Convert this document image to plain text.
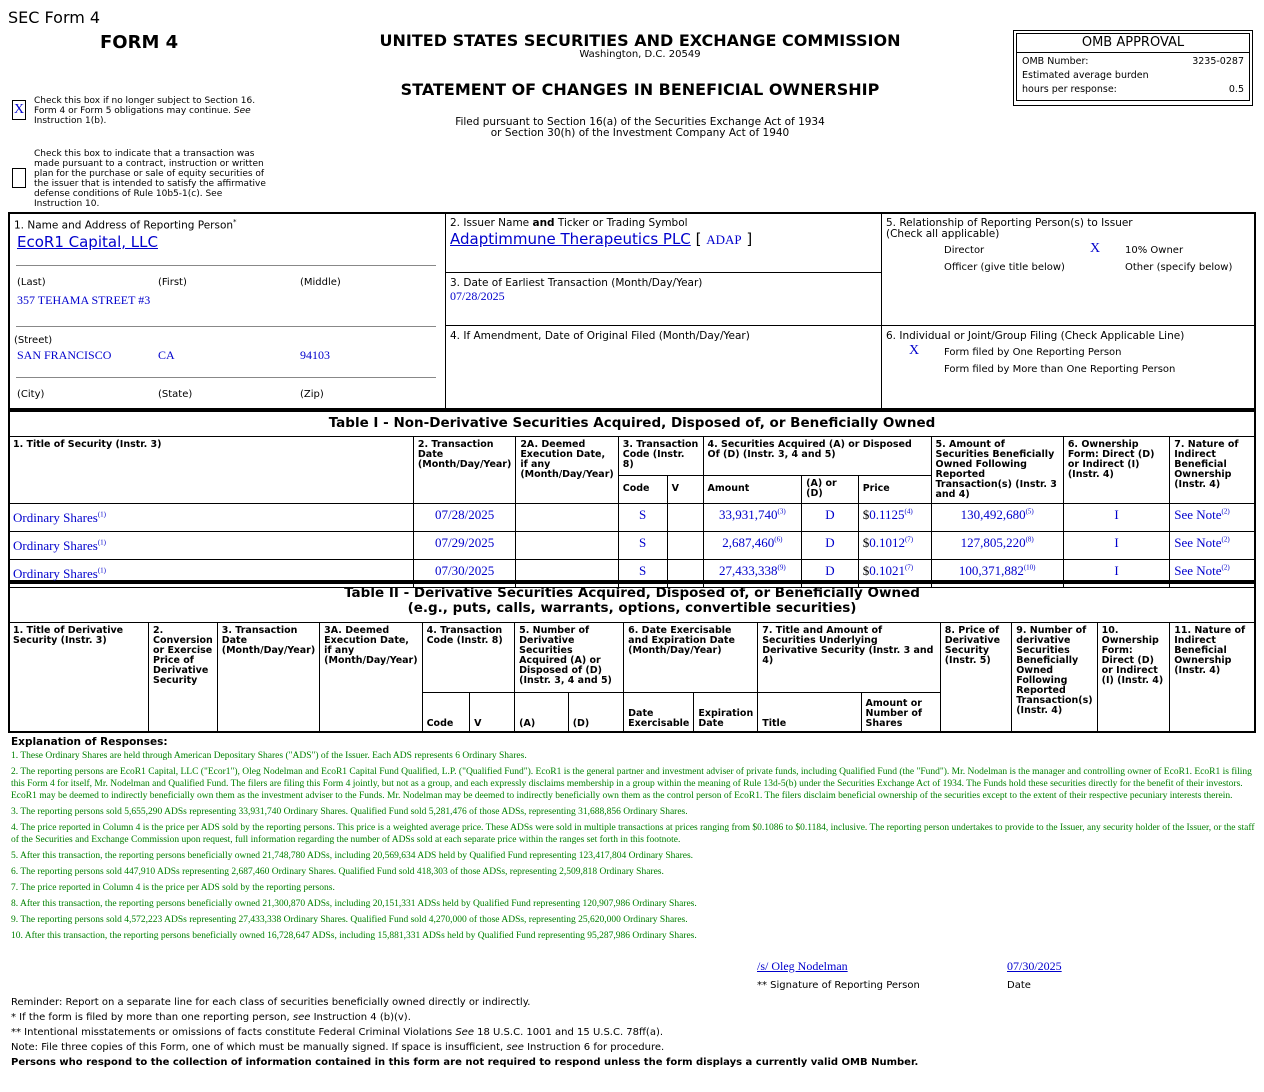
SEC Form 4
FORM 4	UNITED STATES SECURITIES AND EXCHANGE COMMISSION
Washington, D.C. 20549
STATEMENT OF CHANGES IN BENEFICIAL OWNERSHIP
Filed pursuant to Section 16(a) of the Securities Exchange Act of 1934
or Section 30(h) of the Investment Company Act of 1940
OMB APPROVAL
OMB Number:	3235-0287
Estimated average burden
hours per response:	0.5
X
Check this box if no longer subject to Section 16. Form 4 or Form 5 obligations may continue. See Instruction 1(b).
Check this box to indicate that a transaction was made pursuant to a contract, instruction or written plan for the purchase or sale of equity securities of the issuer that is intended to satisfy the affirmative defense conditions of Rule 10b5-1(c). See Instruction 10.
1. Name and Address of Reporting Person*
EcoR1 Capital, LLC
(Last)	(First)	(Middle)
357 TEHAMA STREET #3
(Street)
SAN FRANCISCO	CA	94103
(City)	(State)	(Zip)
2. Issuer Name and Ticker or Trading Symbol
Adaptimmune Therapeutics PLC [ ADAP ]
3. Date of Earliest Transaction (Month/Day/Year)
07/28/2025
4. If Amendment, Date of Original Filed (Month/Day/Year)
5. Relationship of Reporting Person(s) to Issuer
(Check all applicable)
Director	X 10% Owner
Officer (give title below)	Other (specify below)
6. Individual or Joint/Group Filing (Check Applicable Line)
X Form filed by One Reporting Person
Form filed by More than One Reporting Person
Table I - Non-Derivative Securities Acquired, Disposed of, or Beneficially Owned
1. Title of Security (Instr. 3)	2. Transaction Date (Month/Day/Year)	2A. Deemed Execution Date, if any (Month/Day/Year)	3. Transaction Code (Instr. 8)		4. Securities Acquired (A) or Disposed Of (D) (Instr. 3, 4 and 5)			5. Amount of Securities Beneficially Owned Following Reported Transaction(s) (Instr. 3 and 4)	6. Ownership Form: Direct (D) or Indirect (I) (Instr. 4)	7. Nature of Indirect Beneficial Ownership (Instr. 4)
			Code	V	Amount	(A) or (D)	Price			
Ordinary Shares$^{(1)}$	07/28/2025		S		33,931,740$^{(3)}$	D	$0.1125$^{(4)}$	130,492,680$^{(5)}$	I	See Note$^{(2)}$
Ordinary Shares$^{(1)}$	07/29/2025		S		2,687,460$^{(6)}$	D	$0.1012$^{(7)}$	127,805,220$^{(8)}$	I	See Note$^{(2)}$
Ordinary Shares$^{(1)}$	07/30/2025		S		27,433,338$^{(9)}$	D	$0.1021$^{(7)}$	100,371,882$^{(10)}$	I	See Note$^{(2)}$
Table II - Derivative Securities Acquired, Disposed of, or Beneficially Owned
(e.g., puts, calls, warrants, options, convertible securities)
1. Title of Derivative Security (Instr. 3)	2. Conversion or Exercise Price of Derivative Security	3. Transaction Date (Month/Day/Year)	3A. Deemed Execution Date, if any (Month/Day/Year)	4. Transaction Code (Instr. 8)		5. Number of Derivative Securities Acquired (A) or Disposed of (D) (Instr. 3, 4 and 5)		6. Date Exercisable and Expiration Date (Month/Day/Year)		7. Title and Amount of Securities Underlying Derivative Security (Instr. 3 and 4)		8. Price of Derivative Security (Instr. 5)	9. Number of derivative Securities Beneficially Owned Following Reported Transaction(s) (Instr. 4)	10. Ownership Form: Direct (D) or Indirect (I) (Instr. 4)	11. Nature of Indirect Beneficial Ownership (Instr. 4)
				Code	V	(A)	(D)	Date Exercisable	Expiration Date	Title	Amount or Number of Shares				
Explanation of Responses:
1. These Ordinary Shares are held through American Depositary Shares ("ADS") of the Issuer. Each ADS represents 6 Ordinary Shares.
2. The reporting persons are EcoR1 Capital, LLC ("Ecor1"), Oleg Nodelman and EcoR1 Capital Fund Qualified, L.P. ("Qualified Fund"). EcoR1 is the general partner and investment adviser of private funds, including Qualified Fund (the "Fund"). Mr. Nodelman is the manager and controlling owner of EcoR1. EcoR1 is filing this Form 4 for itself, Mr. Nodelman and Qualified Fund. The filers are filing this Form 4 jointly, but not as a group, and each expressly disclaims membership in a group within the meaning of Rule 13d-5(b) under the Securities Exchange Act of 1934. The Funds hold these securities directly for the benefit of their investors. EcoR1 may be deemed to indirectly beneficially own them as the investment adviser to the Funds. Mr. Nodelman may be deemed to indirectly beneficially own them as the control person of EcoR1. The filers disclaim beneficial ownership of the securities except to the extent of their respective pecuniary interests therein.
3. The reporting persons sold 5,655,290 ADSs representing 33,931,740 Ordinary Shares. Qualified Fund sold 5,281,476 of those ADSs, representing 31,688,856 Ordinary Shares.
4. The price reported in Column 4 is the price per ADS sold by the reporting persons. This price is a weighted average price. These ADSs were sold in multiple transactions at prices ranging from $0.1086 to $0.1184, inclusive. The reporting person undertakes to provide to the Issuer, any security holder of the Issuer, or the staff of the Securities and Exchange Commission upon request, full information regarding the number of ADSs sold at each separate price within the ranges set forth in this footnote.
5. After this transaction, the reporting persons beneficially owned 21,748,780 ADSs, including 20,569,634 ADS held by Qualified Fund representing 123,417,804 Ordinary Shares.
6. The reporting persons sold 447,910 ADSs representing 2,687,460 Ordinary Shares. Qualified Fund sold 418,303 of those ADSs, representing 2,509,818 Ordinary Shares.
7. The price reported in Column 4 is the price per ADS sold by the reporting persons.
8. After this transaction, the reporting persons beneficially owned 21,300,870 ADSs, including 20,151,331 ADSs held by Qualified Fund representing 120,907,986 Ordinary Shares.
9. The reporting persons sold 4,572,223 ADSs representing 27,433,338 Ordinary Shares. Qualified Fund sold 4,270,000 of those ADSs, representing 25,620,000 Ordinary Shares.
10. After this transaction, the reporting persons beneficially owned 16,728,647 ADSs, including 15,881,331 ADSs held by Qualified Fund representing 95,287,986 Ordinary Shares.
/s/ Oleg Nodelman	07/30/2025
** Signature of Reporting Person	Date
Reminder: Report on a separate line for each class of securities beneficially owned directly or indirectly.
* If the form is filed by more than one reporting person, see Instruction 4 (b)(v).
** Intentional misstatements or omissions of facts constitute Federal Criminal Violations See 18 U.S.C. 1001 and 15 U.S.C. 78ff(a).
Note: File three copies of this Form, one of which must be manually signed. If space is insufficient, see Instruction 6 for procedure.
Persons who respond to the collection of information contained in this form are not required to respond unless the form displays a currently valid OMB Number.
